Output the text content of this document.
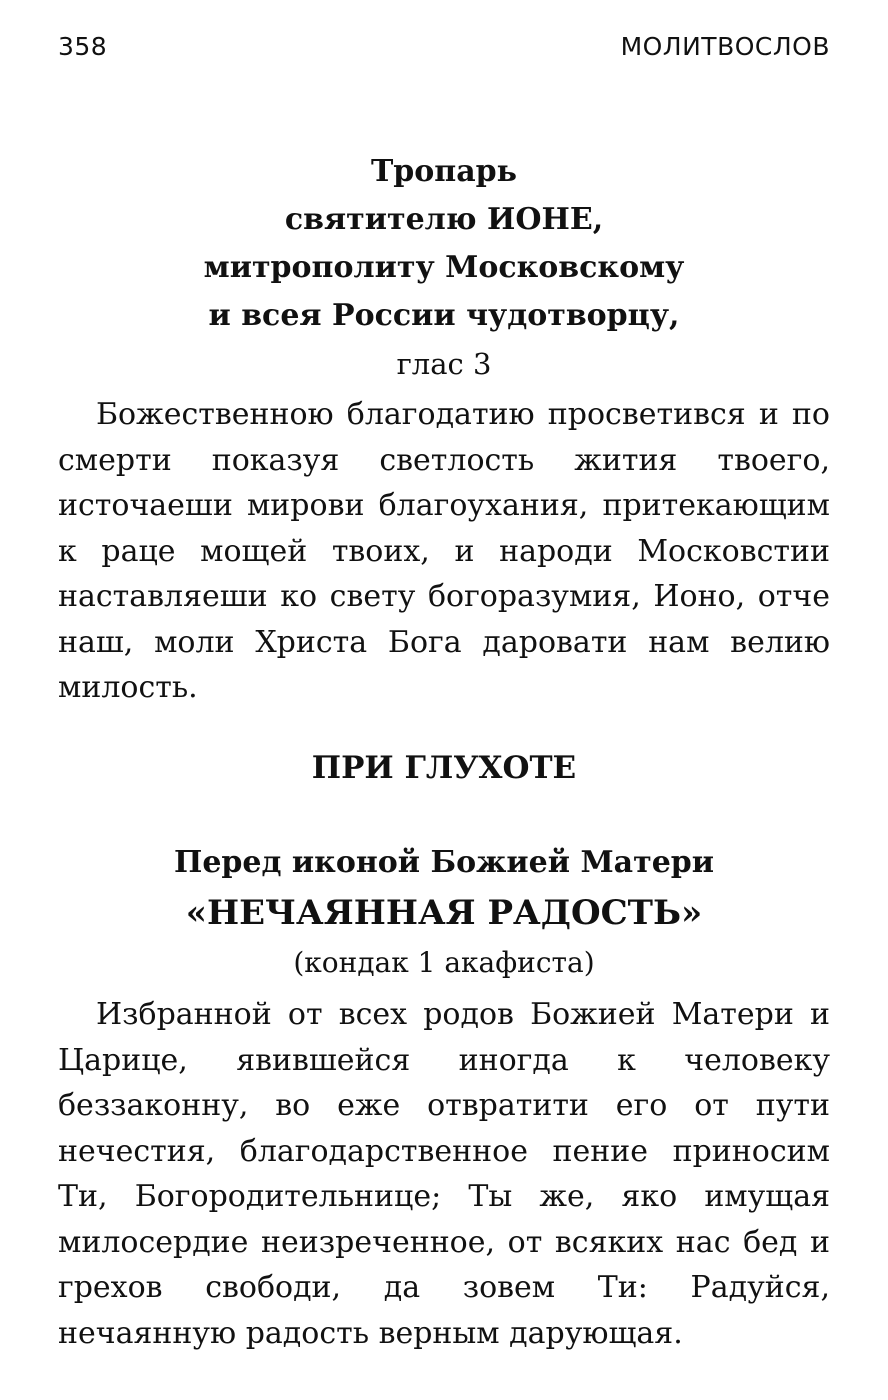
358	МОЛИТВОСЛОВ
Тропарь
святителю ИОНЕ,
митрополиту Московскому
и всея России чудотворцу,
глас 3

Божественною благодатию просветився и по смерти показуя светлость жития твоего, источаеши мирови благоухания, притекающим к раце мощей твоих, и народи Московстии наставляеши ко свету богоразумия, Ионо, отче наш, моли Христа Бога даровати нам велию милость.

ПРИ ГЛУХОТЕ
Перед иконой Божией Матери
«НЕЧАЯННАЯ РАДОСТЬ»
(кондак 1 акафиста)

Избранной от всех родов Божией Матери и Царице, явившейся иногда к человеку беззаконну, во еже отвратити его от пути нечестия, благодарственное пение приносим Ти, Богородительнице; Ты же, яко имущая милосердие неизреченное, от всяких нас бед и грехов свободи, да зовем Ти: Радуйся, нечаянную радость верным дарующая.
